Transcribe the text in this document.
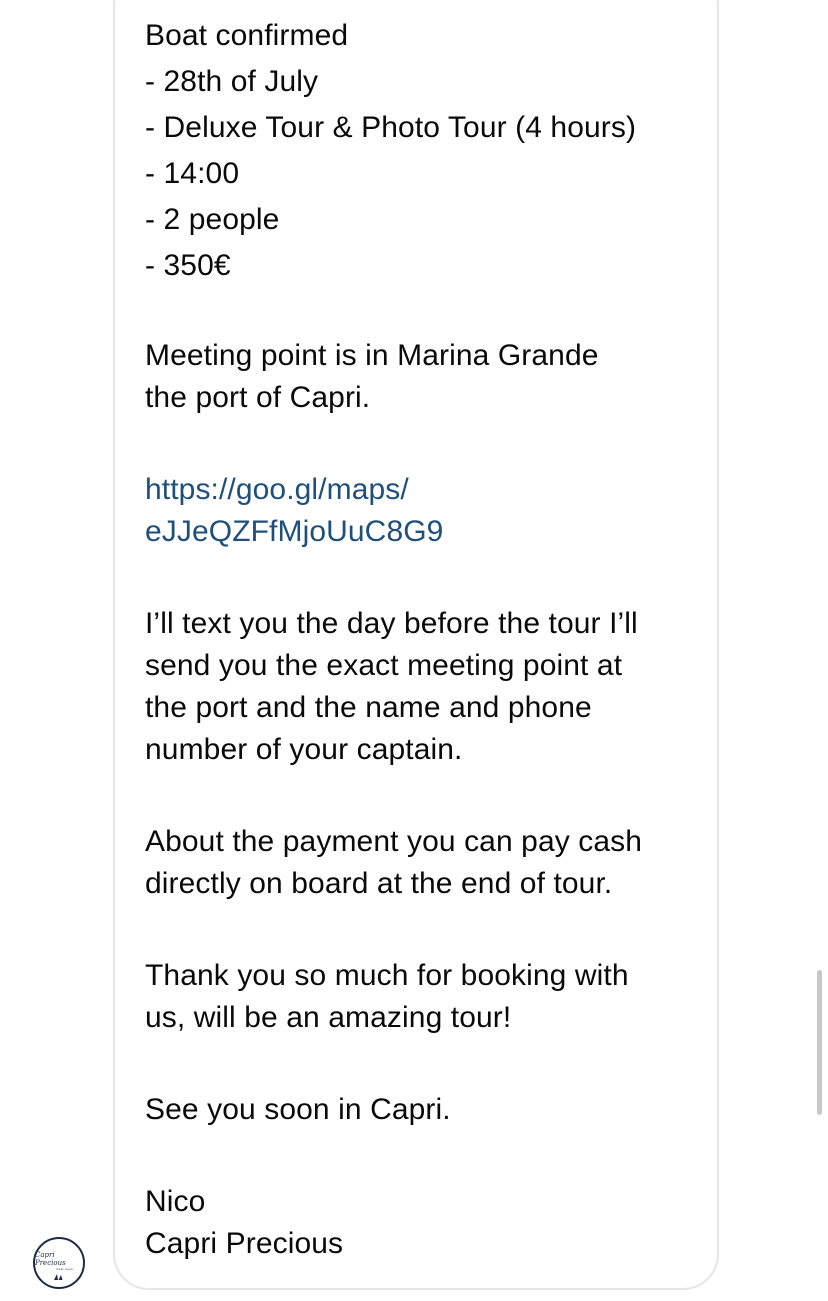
Boat confirmed
- 28th of July
- Deluxe Tour & Photo Tour (4 hours)
- 14:00
- 2 people
- 350€
Meeting point is in Marina Grande
the port of Capri.
https://goo.gl/maps/
eJJeQZFfMjoUuC8G9
I’ll text you the day before the tour I’ll
send you the exact meeting point at
the port and the name and phone
number of your captain.
About the payment you can pay cash
directly on board at the end of tour.
Thank you so much for booking with
us, will be an amazing tour!
See you soon in Capri.
Nico
Capri Precious
Capri Precious
boat tours
